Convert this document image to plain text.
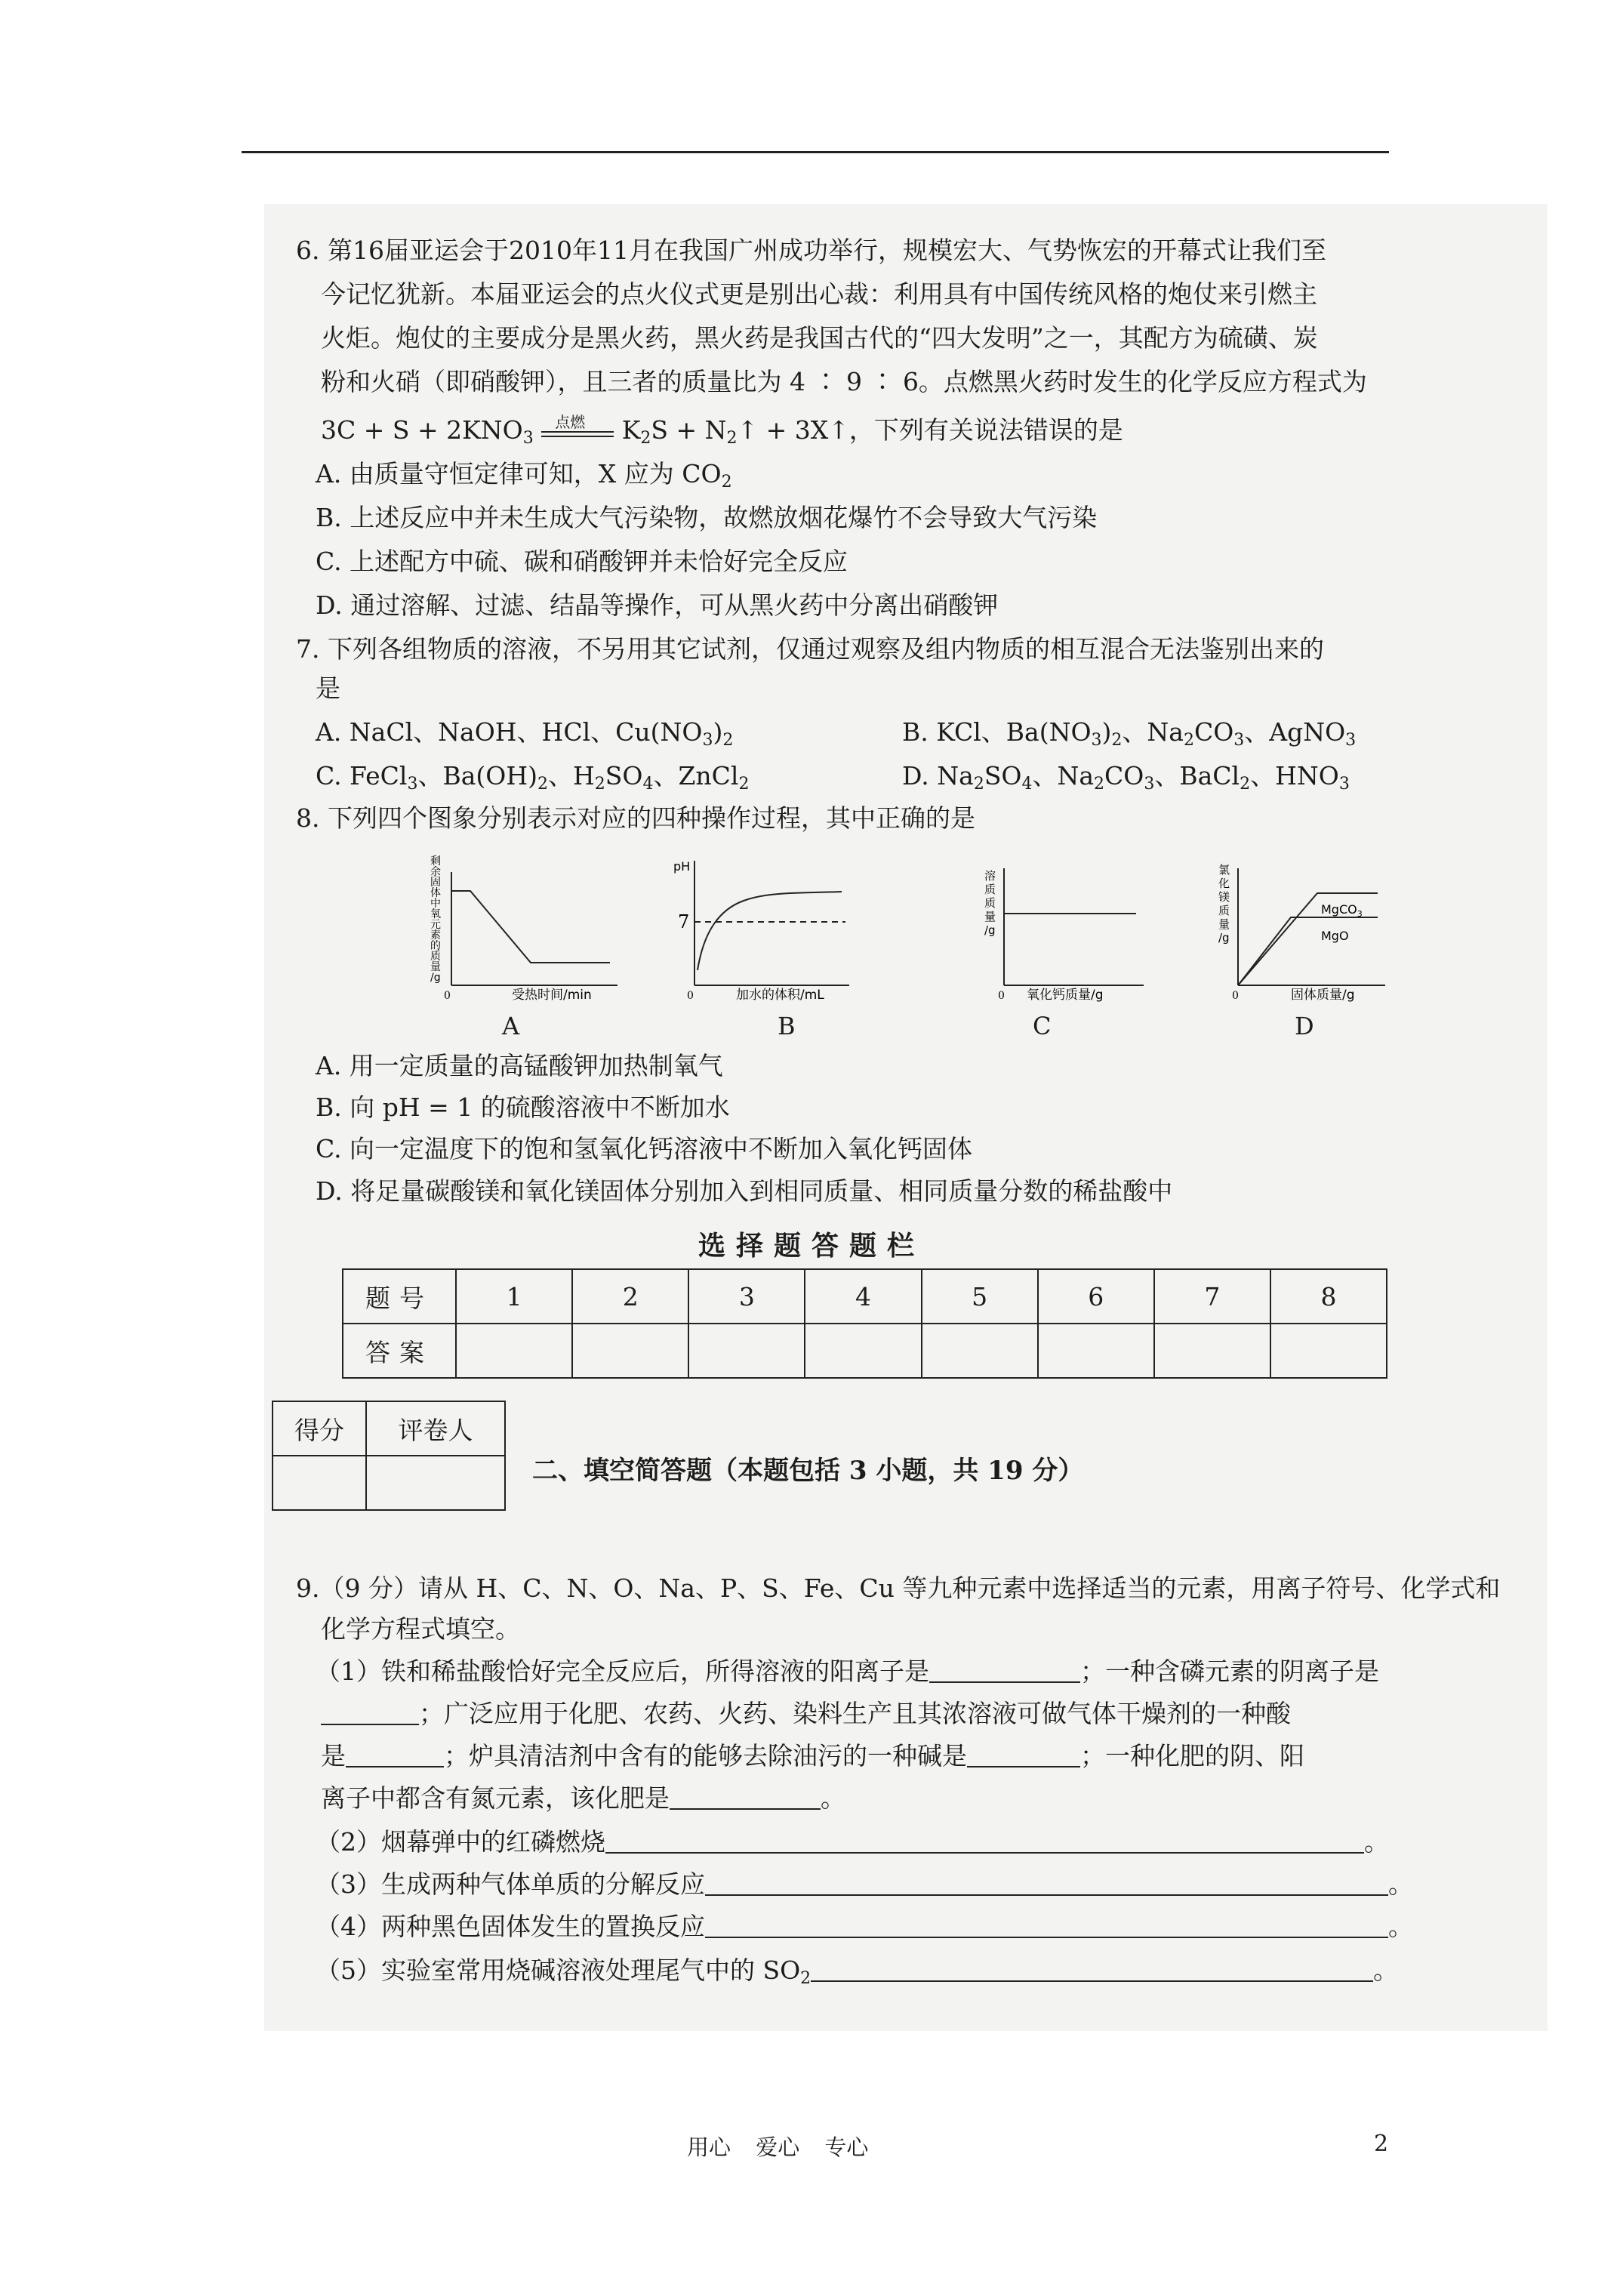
6. 第16届亚运会于2010年11月在我国广州成功举行，规模宏大、气势恢宏的开幕式让我们至
今记忆犹新。本届亚运会的点火仪式更是别出心裁：利用具有中国传统风格的炮仗来引燃主
火炬。炮仗的主要成分是黑火药，黑火药是我国古代的“四大发明”之一，其配方为硫磺、炭
粉和火硝（即硝酸钾），且三者的质量比为 4 ∶ 9 ∶ 6。点燃黑火药时发生的化学反应方程式为
$3C + S + 2KNO_3$
点燃 $K_2S$ + $N_2↑$ + 3X↑，下列有关说法错误的是
A. 由质量守恒定律可知，X 应为 $CO_2$
B. 上述反应中并未生成大气污染物，故燃放烟花爆竹不会导致大气污染
C. 上述配方中硫、碳和硝酸钾并未恰好完全反应
D. 通过溶解、过滤、结晶等操作，可从黑火药中分离出硝酸钾
7. 下列各组物质的溶液，不另用其它试剂，仅通过观察及组内物质的相互混合无法鉴别出来的
是
A. NaCl、NaOH、HCl、$Cu(NO_3)_2$	B. KCl、$Ba(NO_3)_2$、$Na_2CO_3$、AgNO$_3$
C. FeCl$_3$、$Ba(OH)_2$、$H_2SO_4$、ZnCl$_2$	D. $Na_2SO_4$、$Na_2CO_3$、BaCl$_2$、$HNO_3$
8. 下列四个图象分别表示对应的四种操作过程，其中正确的是
剩
余
固
体
中
氧
元
素
的
质
量
/g
0	受热时间/min
A
pH
7
0	加水的体积/mL
B
溶
质
质
量
/g
0 氧化钙质量/g
C
氯
化
镁
质
量
/g
MgCO$_3$
MgO
0	固体质量/g
D
A. 用一定质量的高锰酸钾加热制氧气
B. 向 pH = 1 的硫酸溶液中不断加水
C. 向一定温度下的饱和氢氧化钙溶液中不断加入氧化钙固体
D. 将足量碳酸镁和氧化镁固体分别加入到相同质量、相同质量分数的稀盐酸中
选择题答题栏
题号	1	2	3	4	5	6	7	8
答案								
得分	评卷人

二、填空简答题（本题包括 3 小题，共 19 分）
9.（9 分）请从 H、C、N、O、Na、P、S、Fe、Cu 等九种元素中选择适当的元素，用离子符号、化学式和
化学方程式填空。
（1）铁和稀盐酸恰好完全反应后，所得溶液的阳离子是	；一种含磷元素的阴离子是
；广泛应用于化肥、农药、火药、染料生产且其浓溶液可做气体干燥剂的一种酸
是	；炉具清洁剂中含有的能够去除油污的一种碱是	；一种化肥的阴、阳
离子中都含有氮元素，该化肥是	。
（2）烟幕弹中的红磷燃烧	。
（3）生成两种气体单质的分解反应	。
（4）两种黑色固体发生的置换反应	。
（5）实验室常用烧碱溶液处理尾气中的 $SO_2$	。
用心 爱心 专心	2
